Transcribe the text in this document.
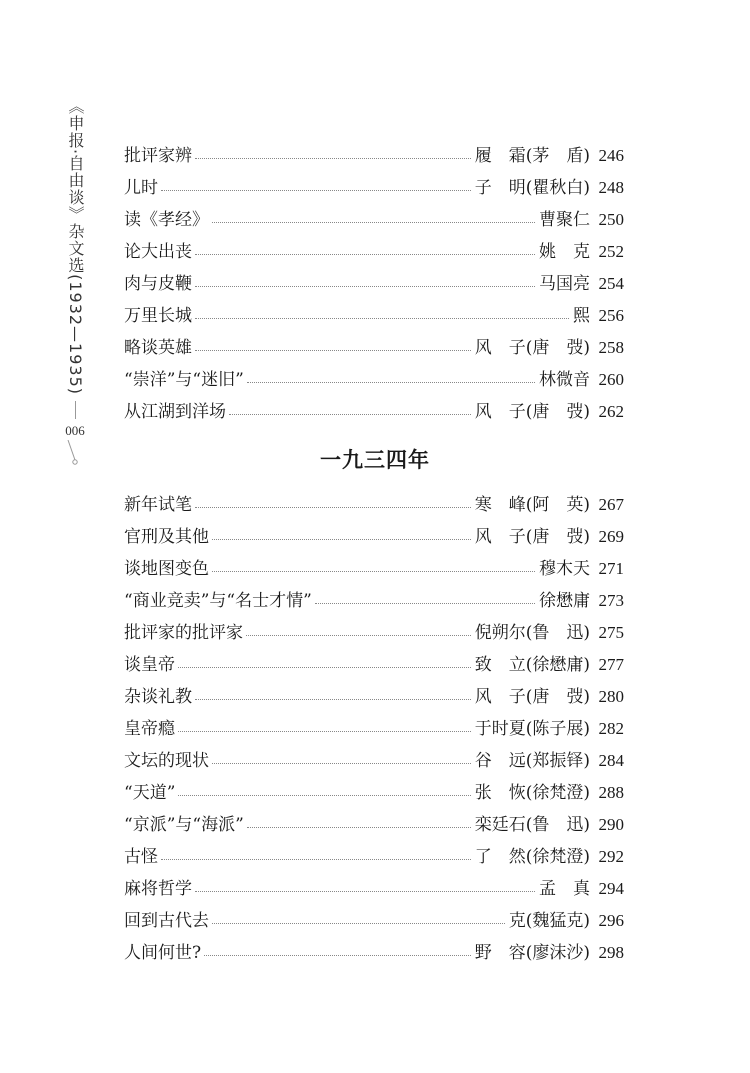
《申报·自由谈》杂文选(1932—1935)
006
批评家辨	履　霜(茅　盾) 246
儿时	子　明(瞿秋白) 248
读《孝经》	曹聚仁 250
论大出丧	姚　克 252
肉与皮鞭	马国亮 254
万里长城	熙 256
略谈英雄	风　子(唐　弢) 258
“崇洋”与“迷旧”	林微音 260
从江湖到洋场	风　子(唐　弢) 262
一九三四年
新年试笔	寒　峰(阿　英) 267
官刑及其他	风　子(唐　弢) 269
谈地图变色	穆木天 271
“商业竞卖”与“名士才情”	徐懋庸 273
批评家的批评家	倪朔尔(鲁　迅) 275
谈皇帝	致　立(徐懋庸) 277
杂谈礼教	风　子(唐　弢) 280
皇帝瘾	于时夏(陈子展) 282
文坛的现状	谷　远(郑振铎) 284
“天道”	张　恢(徐梵澄) 288
“京派”与“海派”	栾廷石(鲁　迅) 290
古怪	了　然(徐梵澄) 292
麻将哲学	孟　真 294
回到古代去	克(魏猛克) 296
人间何世?	野　容(廖沫沙) 298
